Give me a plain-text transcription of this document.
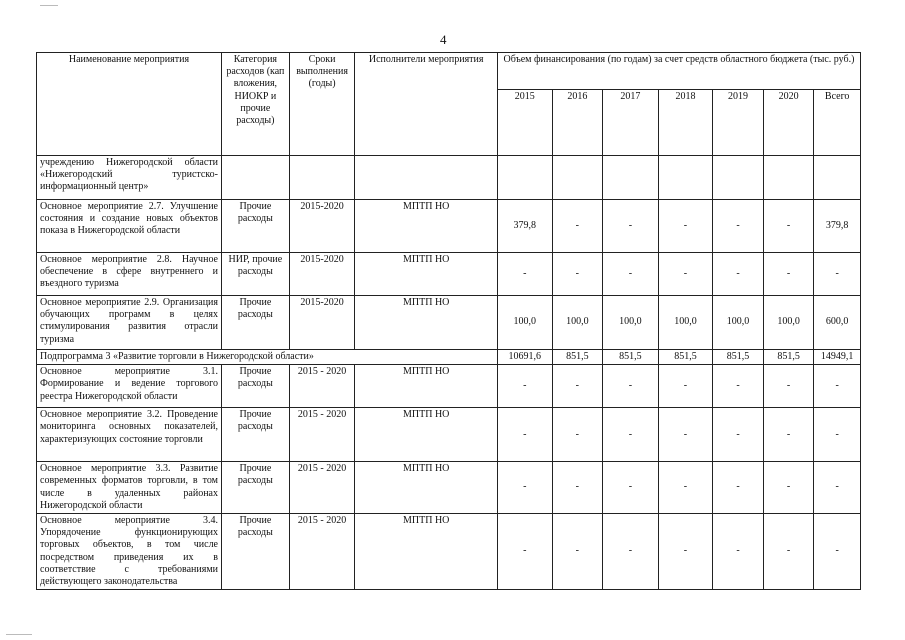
4
Наименование мероприятия	Категория расходов (кап вложения, НИОКР и прочие расходы)	Сроки выполнения (годы)	Исполнители мероприятия	Объем финансирования (по годам) за счет средств областного бюджета (тыс. руб.)						
				2015	2016	2017	2018	2019	2020	Всего
учреждению Нижегородской области «Нижегородский туристско-информационный центр»										
Основное мероприятие 2.7. Улучшение состояния и создание новых объектов показа в Нижегородской области	Прочие расходы	2015-2020	МПТП НО	379,8	-	-	-	-	-	379,8
Основное мероприятие 2.8. Научное обеспечение в сфере внутреннего и въездного туризма	НИР, прочие расходы	2015-2020	МПТП НО	-	-	-	-	-	-	-
Основное мероприятие 2.9. Организация обучающих программ в целях стимулирования развития отрасли туризма	Прочие расходы	2015-2020	МПТП НО	100,0	100,0	100,0	100,0	100,0	100,0	600,0
Подпрограмма 3 «Развитие торговли в Нижегородской области»				10691,6	851,5	851,5	851,5	851,5	851,5	14949,1
Основное мероприятие 3.1. Формирование и ведение торгового реестра Нижегородской области	Прочие расходы	2015 - 2020	МПТП НО	-	-	-	-	-	-	-
Основное мероприятие 3.2. Проведение мониторинга основных показателей, характеризующих состояние торговли	Прочие расходы	2015 - 2020	МПТП НО	-	-	-	-	-	-	-
Основное мероприятие 3.3. Развитие современных форматов торговли, в том числе в удаленных районах Нижегородской области	Прочие расходы	2015 - 2020	МПТП НО	-	-	-	-	-	-	-
Основное мероприятие 3.4. Упорядочение функционирующих торговых объектов, в том числе посредством приведения их в соответствие с требованиями действующего законодательства	Прочие расходы	2015 - 2020	МПТП НО	-	-	-	-	-	-	-
